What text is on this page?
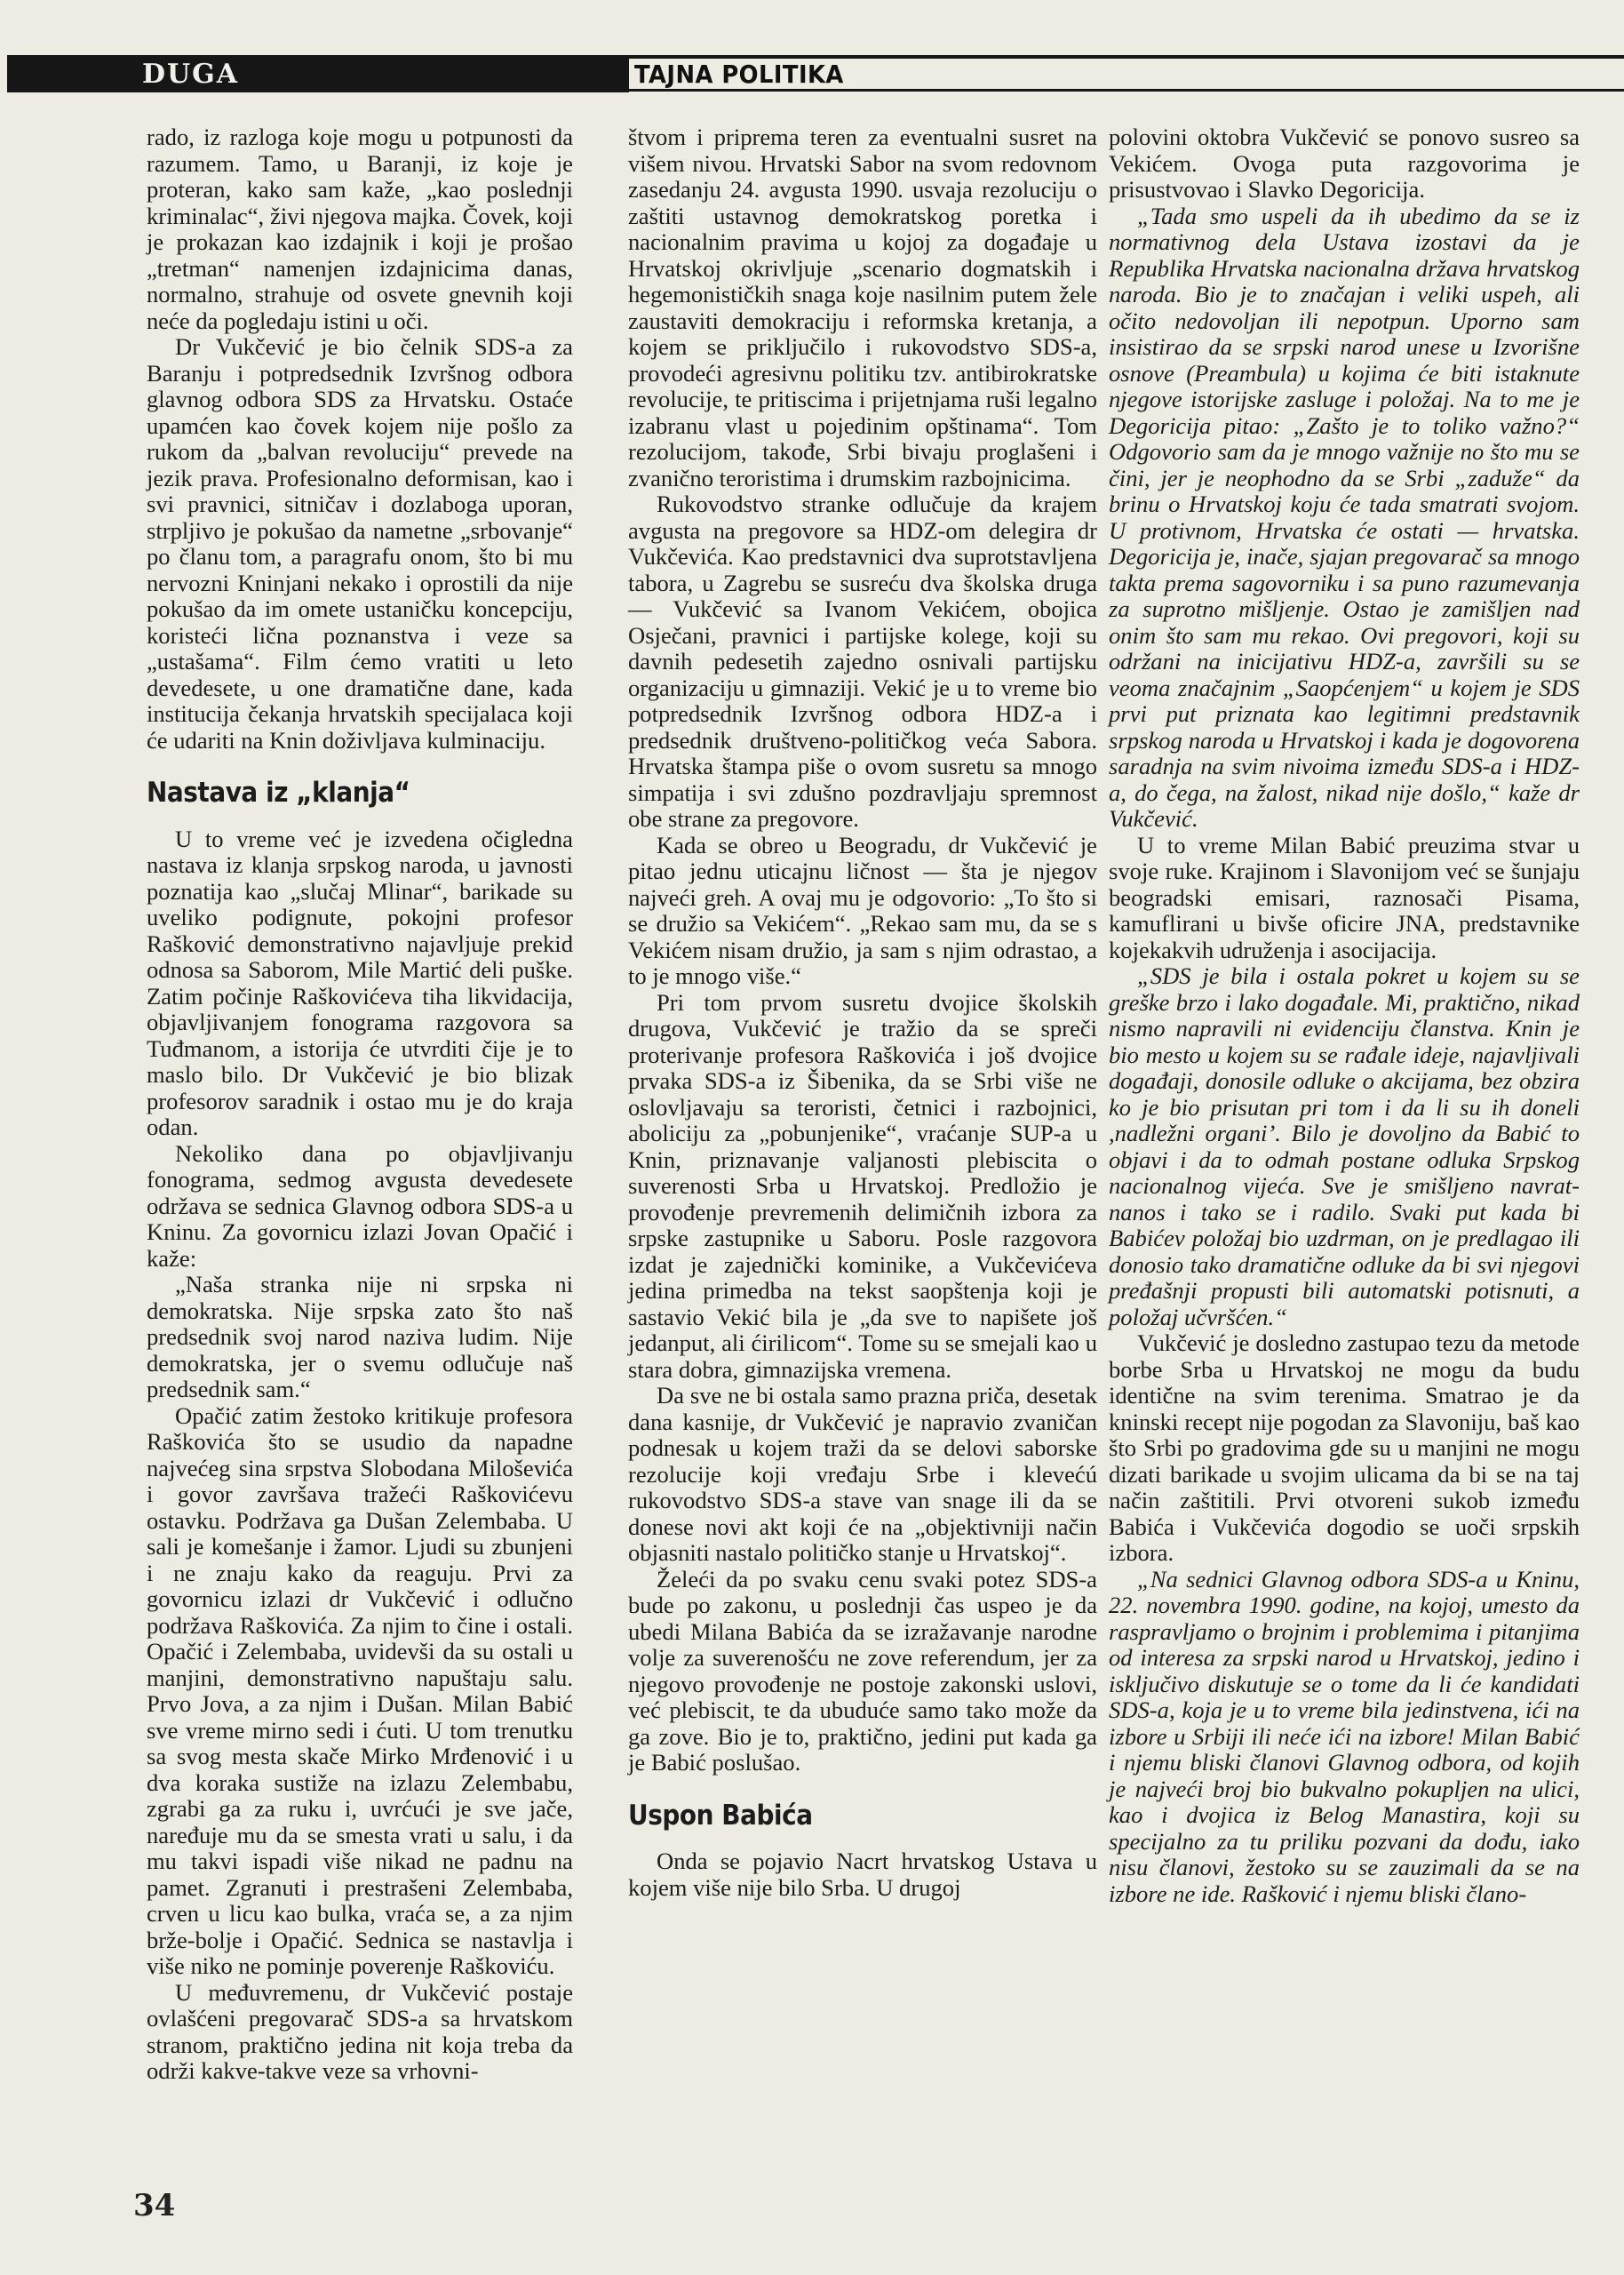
DUGA	TAJNA POLITIKA

rado, iz razloga koje mogu u potpunosti da razumem. Tamo, u Baranji, iz koje je proteran, kako sam kaže, „kao poslednji kriminalac“, živi njegova majka. Čovek, koji je prokazan kao izdajnik i koji je prošao „tretman“ namenjen izdajnicima danas, normalno, strahuje od osvete gnevnih koji neće da pogledaju istini u oči.

Dr Vukčević je bio čelnik SDS-a za Baranju i potpredsednik Izvršnog odbora glavnog odbora SDS za Hrvatsku. Ostaće upamćen kao čovek kojem nije pošlo za rukom da „balvan revoluciju“ prevede na jezik prava. Profesionalno deformisan, kao i svi pravnici, sitničav i dozlaboga uporan, strpljivo je pokušao da nametne „srbovanje“ po članu tom, a paragrafu onom, što bi mu nervozni Kninjani nekako i oprostili da nije pokušao da im omete ustaničku koncepciju, koristeći lična poznanstva i veze sa „ustašama“. Film ćemo vratiti u leto devedesete, u one dramatične dane, kada institucija čekanja hrvatskih specijalaca koji će udariti na Knin doživljava kulminaciju.

Nastava iz „klanja“

U to vreme već je izvedena očigledna nastava iz klanja srpskog naroda, u javnosti poznatija kao „slučaj Mlinar“, barikade su uveliko podignute, pokojni profesor Rašković demonstrativno najavljuje prekid odnosa sa Saborom, Mile Martić deli puške. Zatim počinje Raškovićeva tiha likvidacija, objavljivanjem fonograma razgovora sa Tuđmanom, a istorija će utvrditi čije je to maslo bilo. Dr Vukčević je bio blizak profesorov saradnik i ostao mu je do kraja odan.

Nekoliko dana po objavljivanju fonograma, sedmog avgusta devedesete održava se sednica Glavnog odbora SDS-a u Kninu. Za govornicu izlazi Jovan Opačić i kaže:

„Naša stranka nije ni srpska ni demokratska. Nije srpska zato što naš predsednik svoj narod naziva ludim. Nije demokratska, jer o svemu odlučuje naš predsednik sam.“

Opačić zatim žestoko kritikuje profesora Raškovića što se usudio da napadne najvećeg sina srpstva Slobodana Miloševića i govor završava tražeći Raškovićevu ostavku. Podržava ga Dušan Zelembaba. U sali je komešanje i žamor. Ljudi su zbunjeni i ne znaju kako da reaguju. Prvi za govornicu izlazi dr Vukčević i odlučno podržava Raškovića. Za njim to čine i ostali. Opačić i Zelembaba, uvidevši da su ostali u manjini, demonstrativno napuštaju salu. Prvo Jova, a za njim i Dušan. Milan Babić sve vreme mirno sedi i ćuti. U tom trenutku sa svog mesta skače Mirko Mrđenović i u dva koraka sustiže na izlazu Zelembabu, zgrabi ga za ruku i, uvrćući je sve jače, naređuje mu da se smesta vrati u salu, i da mu takvi ispadi više nikad ne padnu na pamet. Zgranuti i prestrašeni Zelembaba, crven u licu kao bulka, vraća se, a za njim brže-bolje i Opačić. Sednica se nastavlja i više niko ne pominje poverenje Raškoviću.

U međuvremenu, dr Vukčević postaje ovlašćeni pregovarač SDS-a sa hrvatskom stranom, praktično jedina nit koja treba da održi kakve-takve veze sa vrhovni-

štvom i priprema teren za eventualni susret na višem nivou. Hrvatski Sabor na svom redovnom zasedanju 24. avgusta 1990. usvaja rezoluciju o zaštiti ustavnog demokratskog poretka i nacionalnim pravima u kojoj za događaje u Hrvatskoj okrivljuje „scenario dogmatskih i hegemonističkih snaga koje nasilnim putem žele zaustaviti demokraciju i reformska kretanja, a kojem se priključilo i rukovodstvo SDS-a, provodeći agresivnu politiku tzv. antibirokratske revolucije, te pritiscima i prijetnjama ruši legalno izabranu vlast u pojedinim opštinama“. Tom rezolucijom, takođe, Srbi bivaju proglašeni i zvanično teroristima i drumskim razbojnicima.

Rukovodstvo stranke odlučuje da krajem avgusta na pregovore sa HDZ-om delegira dr Vukčevića. Kao predstavnici dva suprotstavljena tabora, u Zagrebu se susreću dva školska druga — Vukčević sa Ivanom Vekićem, obojica Osječani, pravnici i partijske kolege, koji su davnih pedesetih zajedno osnivali partijsku organizaciju u gimnaziji. Vekić je u to vreme bio potpredsednik Izvršnog odbora HDZ-a i predsednik društveno-političkog veća Sabora. Hrvatska štampa piše o ovom susretu sa mnogo simpatija i svi zdušno pozdravljaju spremnost obe strane za pregovore.

Kada se obreo u Beogradu, dr Vukčević je pitao jednu uticajnu ličnost — šta je njegov najveći greh. A ovaj mu je odgovorio: „To što si se družio sa Vekićem“. „Rekao sam mu, da se s Vekićem nisam družio, ja sam s njim odrastao, a to je mnogo više.“

Pri tom prvom susretu dvojice školskih drugova, Vukčević je tražio da se spreči proterivanje profesora Raškovića i još dvojice prvaka SDS-a iz Šibenika, da se Srbi više ne oslovljavaju sa teroristi, četnici i razbojnici, aboliciju za „pobunjenike“, vraćanje SUP-a u Knin, priznavanje valjanosti plebiscita o suverenosti Srba u Hrvatskoj. Predložio je provođenje prevremenih delimičnih izbora za srpske zastupnike u Saboru. Posle razgovora izdat je zajednički kominike, a Vukčevićeva jedina primedba na tekst saopštenja koji je sastavio Vekić bila je „da sve to napišete još jedanput, ali ćirilicom“. Tome su se smejali kao u stara dobra, gimnazijska vremena.

Da sve ne bi ostala samo prazna priča, desetak dana kasnije, dr Vukčević je napravio zvaničan podnesak u kojem traži da se delovi saborske rezolucije koji vređaju Srbe i klevećú rukovodstvo SDS-a stave van snage ili da se donese novi akt koji će na „objektivniji način objasniti nastalo političko stanje u Hrvatskoj“.

Želeći da po svaku cenu svaki potez SDS-a bude po zakonu, u poslednji čas uspeo je da ubedi Milana Babića da se izražavanje narodne volje za suverenošću ne zove referendum, jer za njegovo provođenje ne postoje zakonski uslovi, već plebiscit, te da ubuduće samo tako može da ga zove. Bio je to, praktično, jedini put kada ga je Babić poslušao.

Uspon Babića

Onda se pojavio Nacrt hrvatskog Ustava u kojem više nije bilo Srba. U drugoj

polovini oktobra Vukčević se ponovo susreo sa Vekićem. Ovoga puta razgovorima je prisustvovao i Slavko Degoricija.

„Tada smo uspeli da ih ubedimo da se iz normativnog dela Ustava izostavi da je Republika Hrvatska nacionalna država hrvatskog naroda. Bio je to značajan i veliki uspeh, ali očito nedovoljan ili nepotpun. Uporno sam insistirao da se srpski narod unese u Izvorišne osnove (Preambula) u kojima će biti istaknute njegove istorijske zasluge i položaj. Na to me je Degoricija pitao: „Zašto je to toliko važno?“ Odgovorio sam da je mnogo važnije no što mu se čini, jer je neophodno da se Srbi „zaduže“ da brinu o Hrvatskoj koju će tada smatrati svojom. U protivnom, Hrvatska će ostati — hrvatska. Degoricija je, inače, sjajan pregovarač sa mnogo takta prema sagovorniku i sa puno razumevanja za suprotno mišljenje. Ostao je zamišljen nad onim što sam mu rekao. Ovi pregovori, koji su održani na inicijativu HDZ-a, završili su se veoma značajnim „Saopćenjem“ u kojem je SDS prvi put priznata kao legitimni predstavnik srpskog naroda u Hrvatskoj i kada je dogovorena saradnja na svim nivoima između SDS-a i HDZ-a, do čega, na žalost, nikad nije došlo,“ kaže dr Vukčević.

U to vreme Milan Babić preuzima stvar u svoje ruke. Krajinom i Slavonijom već se šunjaju beogradski emisari, raznosači Pisama, kamuflirani u bivše oficire JNA, predstavnike kojekakvih udruženja i asocijacija.

„SDS je bila i ostala pokret u kojem su se greške brzo i lako događale. Mi, praktično, nikad nismo napravili ni evidenciju članstva. Knin je bio mesto u kojem su se rađale ideje, najavljivali događaji, donosile odluke o akcijama, bez obzira ko je bio prisutan pri tom i da li su ih doneli ,nadležni organi’. Bilo je dovoljno da Babić to objavi i da to odmah postane odluka Srpskog nacionalnog vijeća. Sve je smišljeno navrat-nanos i tako se i radilo. Svaki put kada bi Babićev položaj bio uzdrman, on je predlagao ili donosio tako dramatične odluke da bi svi njegovi pređašnji propusti bili automatski potisnuti, a položaj učvršćen.“

Vukčević je dosledno zastupao tezu da metode borbe Srba u Hrvatskoj ne mogu da budu identične na svim terenima. Smatrao je da kninski recept nije pogodan za Slavoniju, baš kao što Srbi po gradovima gde su u manjini ne mogu dizati barikade u svojim ulicama da bi se na taj način zaštitili. Prvi otvoreni sukob između Babića i Vukčevića dogodio se uoči srpskih izbora.

„Na sednici Glavnog odbora SDS-a u Kninu, 22. novembra 1990. godine, na kojoj, umesto da raspravljamo o brojnim i problemima i pitanjima od interesa za srpski narod u Hrvatskoj, jedino i isključivo diskutuje se o tome da li će kandidati SDS-a, koja je u to vreme bila jedinstvena, ići na izbore u Srbiji ili neće ići na izbore! Milan Babić i njemu bliski članovi Glavnog odbora, od kojih je najveći broj bio bukvalno pokupljen na ulici, kao i dvojica iz Belog Manastira, koji su specijalno za tu priliku pozvani da dođu, iako nisu članovi, žestoko su se zauzimali da se na izbore ne ide. Rašković i njemu bliski člano-

34
